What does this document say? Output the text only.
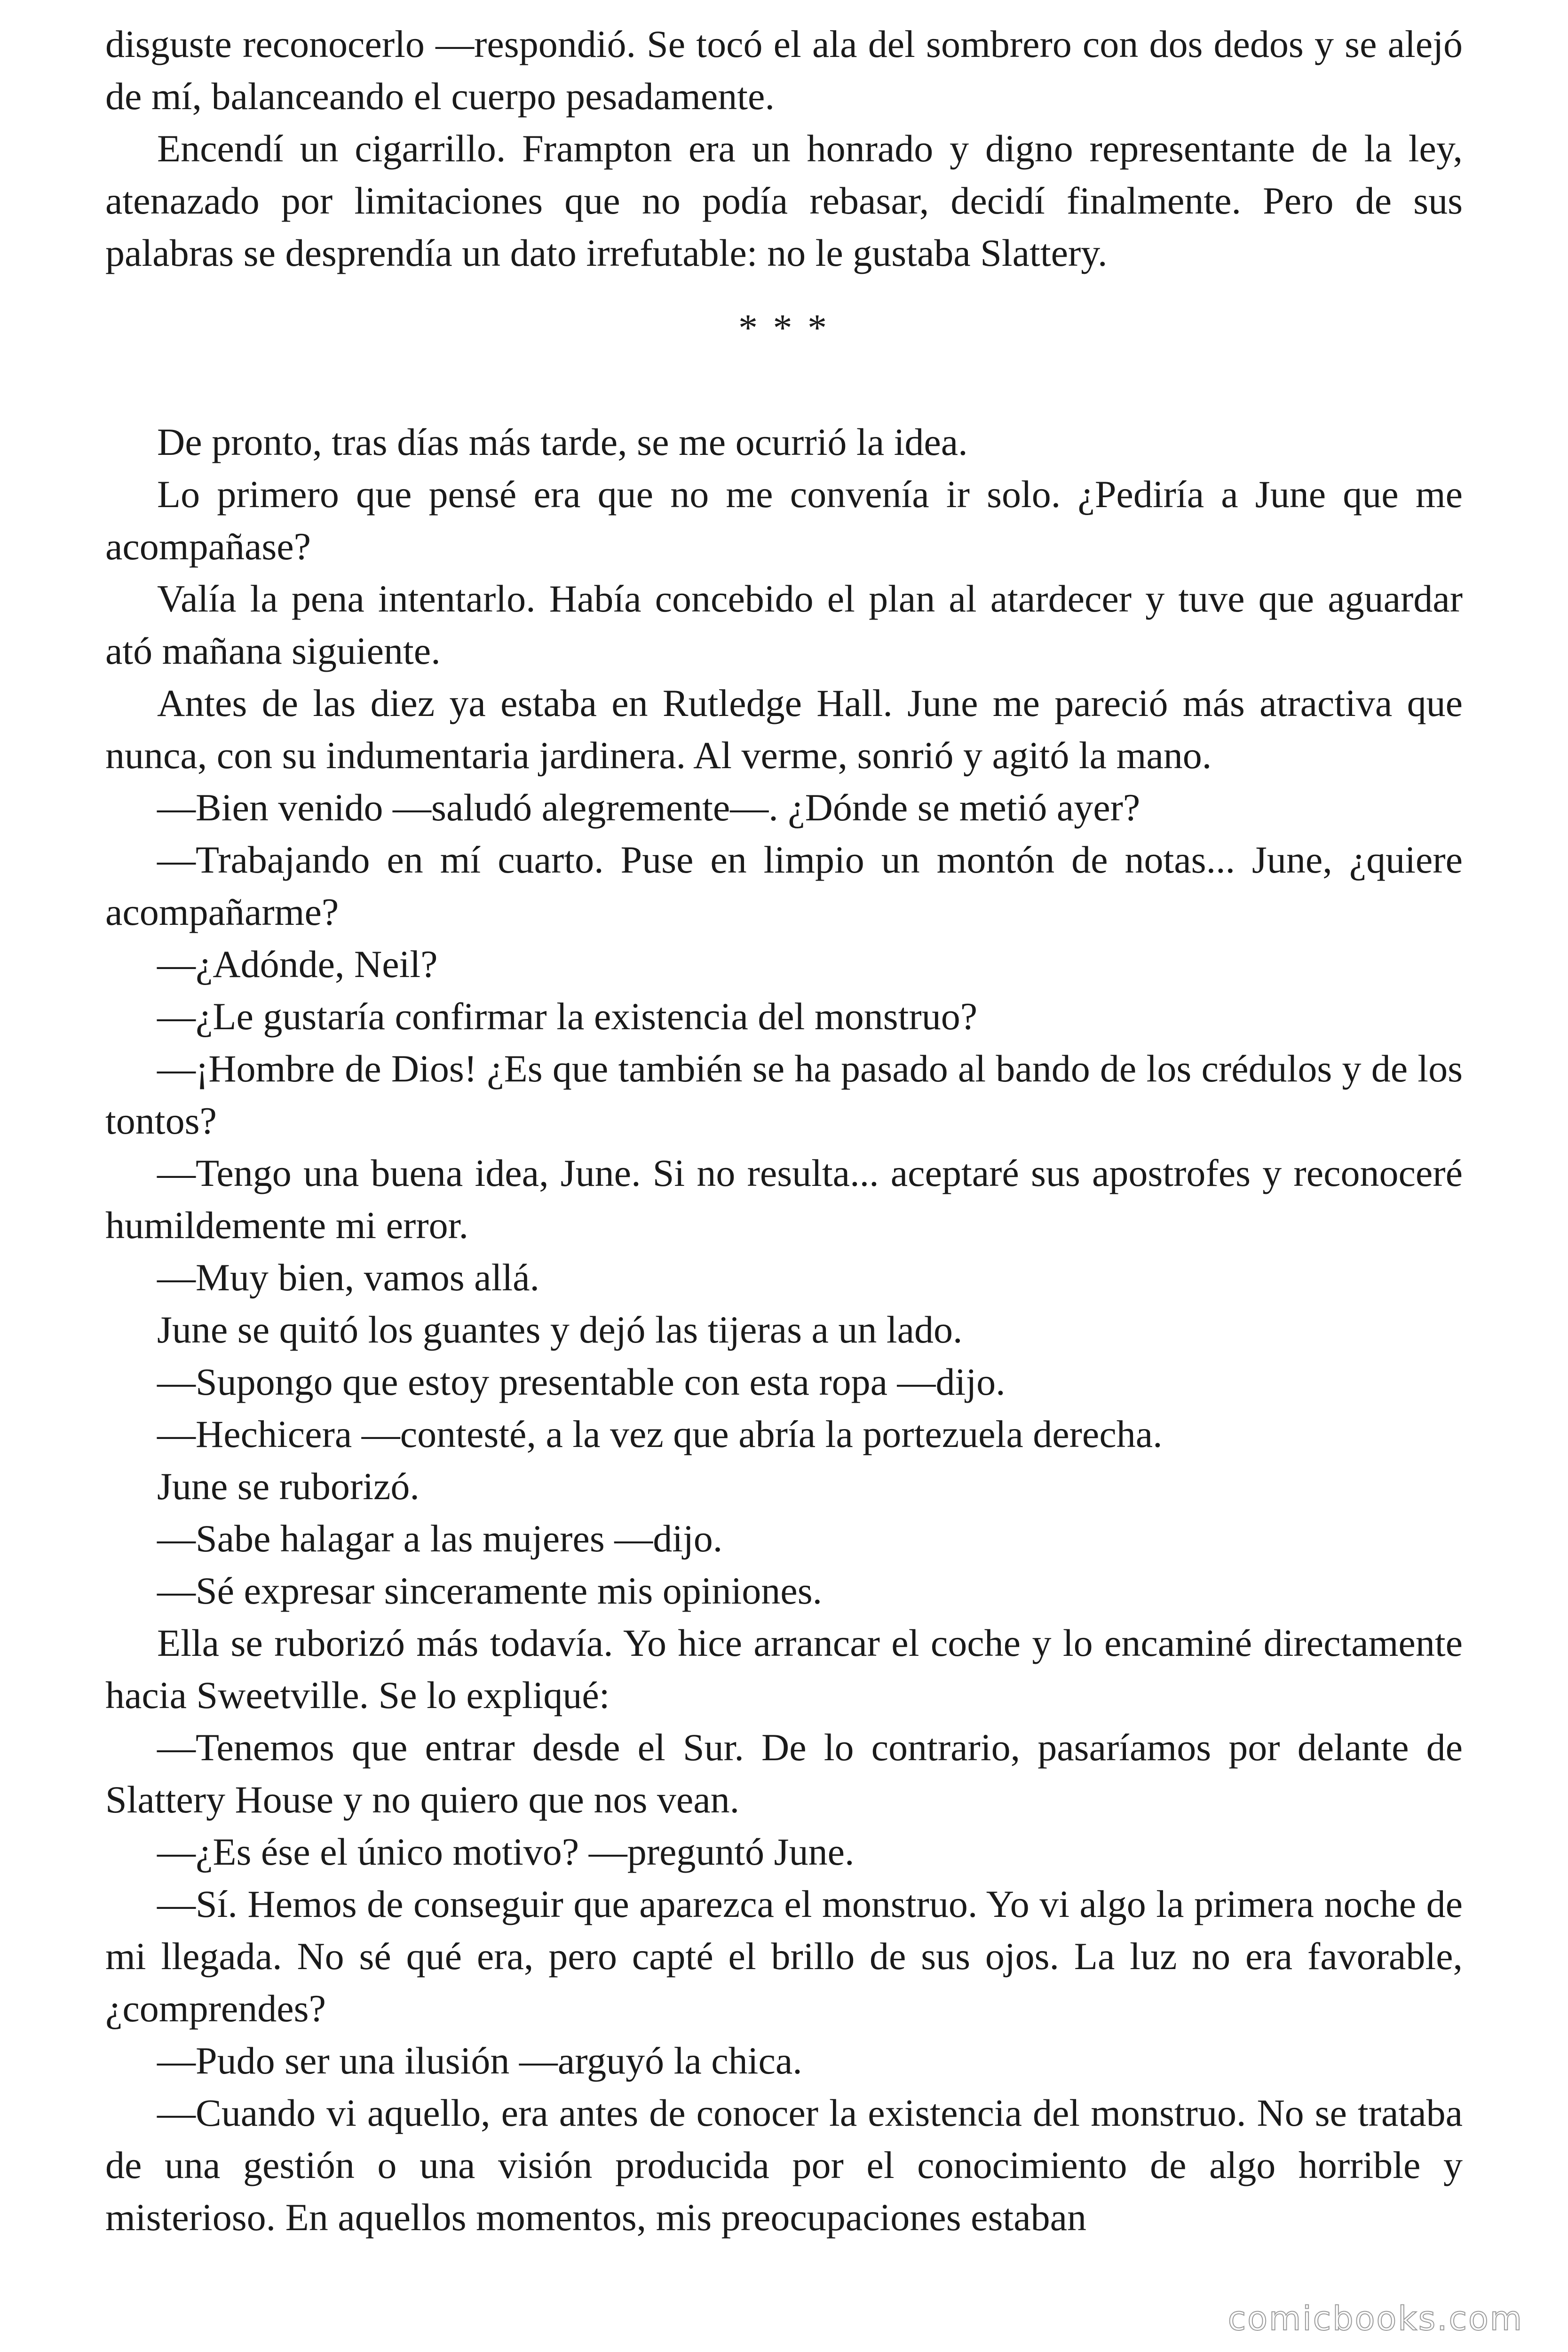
disguste reconocerlo —respondió. Se tocó el ala del sombrero con dos dedos y se alejó de mí, balanceando el cuerpo pesadamente.

Encendí un cigarrillo. Frampton era un honrado y digno representante de la ley, atenazado por limitaciones que no podía rebasar, decidí finalmente. Pero de sus palabras se desprendía un dato irrefutable: no le gustaba Slattery.

* * *

De pronto, tras días más tarde, se me ocurrió la idea.

Lo primero que pensé era que no me convenía ir solo. ¿Pediría a June que me acompañase?

Valía la pena intentarlo. Había concebido el plan al atardecer y tuve que aguardar ató mañana siguiente.

Antes de las diez ya estaba en Rutledge Hall. June me pareció más atractiva que nunca, con su indumentaria jardinera. Al verme, sonrió y agitó la mano.

—Bien venido —saludó alegremente—. ¿Dónde se metió ayer?

—Trabajando en mí cuarto. Puse en limpio un montón de notas... June, ¿quiere acompañarme?

—¿Adónde, Neil?

—¿Le gustaría confirmar la existencia del monstruo?

—¡Hombre de Dios! ¿Es que también se ha pasado al bando de los crédulos y de los tontos?

—Tengo una buena idea, June. Si no resulta... aceptaré sus apostrofes y reconoceré humildemente mi error.

—Muy bien, vamos allá.

June se quitó los guantes y dejó las tijeras a un lado.

—Supongo que estoy presentable con esta ropa —dijo.

—Hechicera —contesté, a la vez que abría la portezuela derecha.

June se ruborizó.

—Sabe halagar a las mujeres —dijo.

—Sé expresar sinceramente mis opiniones.

Ella se ruborizó más todavía. Yo hice arrancar el coche y lo encaminé directamente hacia Sweetville. Se lo expliqué:

—Tenemos que entrar desde el Sur. De lo contrario, pasaríamos por delante de Slattery House y no quiero que nos vean.

—¿Es ése el único motivo? —preguntó June.

—Sí. Hemos de conseguir que aparezca el monstruo. Yo vi algo la primera noche de mi llegada. No sé qué era, pero capté el brillo de sus ojos. La luz no era favorable, ¿comprendes?

—Pudo ser una ilusión —arguyó la chica.

—Cuando vi aquello, era antes de conocer la existencia del monstruo. No se trataba de una gestión o una visión producida por el conocimiento de algo horrible y misterioso. En aquellos momentos, mis preocupaciones estaban

comicbooks.com
